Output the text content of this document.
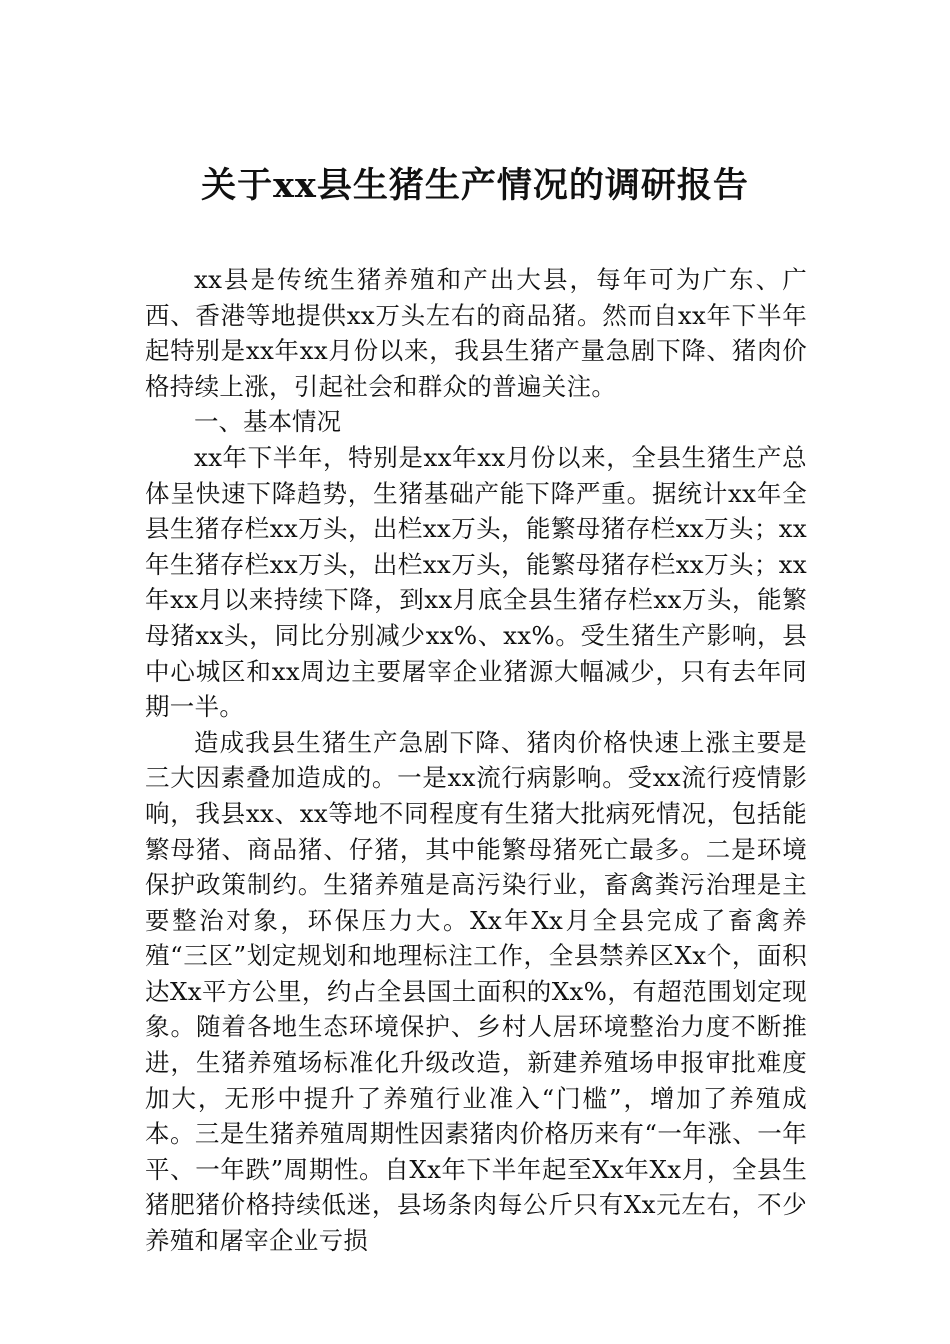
关于xx县生猪生产情况的调研报告

xx县是传统生猪养殖和产出大县，每年可为广东、广西、香港等地提供xx万头左右的商品猪。然而自xx年下半年起特别是xx年xx月份以来，我县生猪产量急剧下降、猪肉价格持续上涨，引起社会和群众的普遍关注。

一、基本情况

xx年下半年，特别是xx年xx月份以来，全县生猪生产总体呈快速下降趋势，生猪基础产能下降严重。据统计xx年全县生猪存栏xx万头，出栏xx万头，能繁母猪存栏xx万头；xx年生猪存栏xx万头，出栏xx万头，能繁母猪存栏xx万头；xx年xx月以来持续下降，到xx月底全县生猪存栏xx万头，能繁母猪xx头，同比分别减少xx%、xx%。受生猪生产影响，县中心城区和xx周边主要屠宰企业猪源大幅减少，只有去年同期一半。

造成我县生猪生产急剧下降、猪肉价格快速上涨主要是三大因素叠加造成的。一是xx流行病影响。受xx流行疫情影响，我县xx、xx等地不同程度有生猪大批病死情况，包括能繁母猪、商品猪、仔猪，其中能繁母猪死亡最多。二是环境保护政策制约。生猪养殖是高污染行业，畜禽粪污治理是主要整治对象，环保压力大。Xx年Xx月全县完成了畜禽养殖“三区”划定规划和地理标注工作，全县禁养区Xx个，面积达Xx平方公里，约占全县国土面积的Xx%，有超范围划定现象。随着各地生态环境保护、乡村人居环境整治力度不断推进，生猪养殖场标准化升级改造，新建养殖场申报审批难度加大，无形中提升了养殖行业准入“门槛”，增加了养殖成本。三是生猪养殖周期性因素猪肉价格历来有“一年涨、一年平、一年跌”周期性。自Xx年下半年起至Xx年Xx月，全县生猪肥猪价格持续低迷，县场条肉每公斤只有Xx元左右，不少养殖和屠宰企业亏损
